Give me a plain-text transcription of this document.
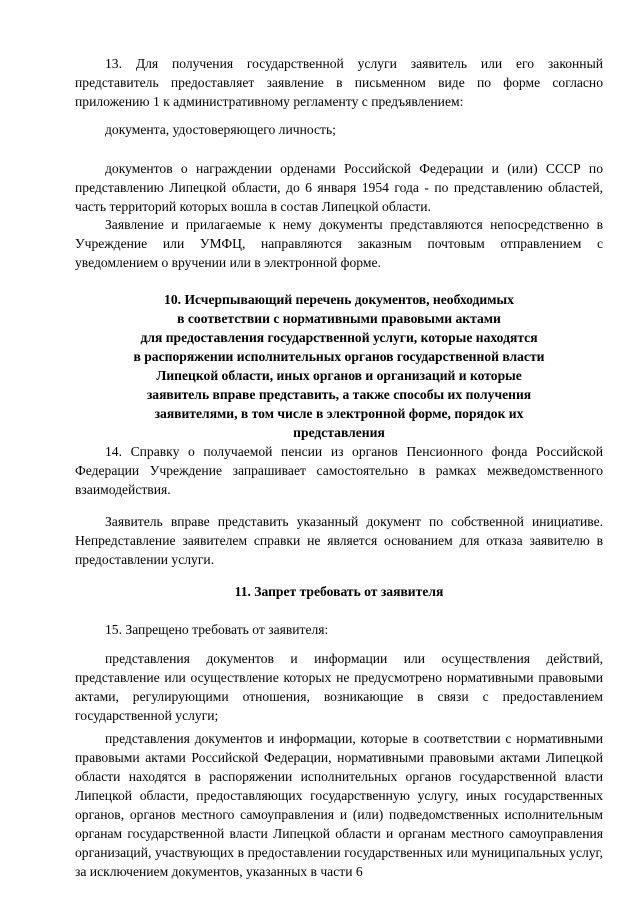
13. Для получения государственной услуги заявитель или его законный представитель предоставляет заявление в письменном виде по форме согласно приложению 1 к административному регламенту с предъявлением:

документа, удостоверяющего личность;

документов о награждении орденами Российской Федерации и (или) СССР по представлению Липецкой области, до 6 января 1954 года - по представлению областей, часть территорий которых вошла в состав Липецкой области.

Заявление и прилагаемые к нему документы представляются непосредственно в Учреждение или УМФЦ, направляются заказным почтовым отправлением с уведомлением о вручении или в электронной форме.

10. Исчерпывающий перечень документов, необходимых
в соответствии с нормативными правовыми актами
для предоставления государственной услуги, которые находятся
в распоряжении исполнительных органов государственной власти
Липецкой области, иных органов и организаций и которые
заявитель вправе представить, а также способы их получения
заявителями, в том числе в электронной форме, порядок их
представления

14. Справку о получаемой пенсии из органов Пенсионного фонда Российской Федерации Учреждение запрашивает самостоятельно в рамках межведомственного взаимодействия.

Заявитель вправе представить указанный документ по собственной инициативе. Непредставление заявителем справки не является основанием для отказа заявителю в предоставлении услуги.

11. Запрет требовать от заявителя

15. Запрещено требовать от заявителя:

представления документов и информации или осуществления действий, представление или осуществление которых не предусмотрено нормативными правовыми актами, регулирующими отношения, возникающие в связи с предоставлением государственной услуги;

представления документов и информации, которые в соответствии с нормативными правовыми актами Российской Федерации, нормативными правовыми актами Липецкой области находятся в распоряжении исполнительных органов государственной власти Липецкой области, предоставляющих государственную услугу, иных государственных органов, органов местного самоуправления и (или) подведомственных исполнительным органам государственной власти Липецкой области и органам местного самоуправления организаций, участвующих в предоставлении государственных или муниципальных услуг, за исключением документов, указанных в части 6
